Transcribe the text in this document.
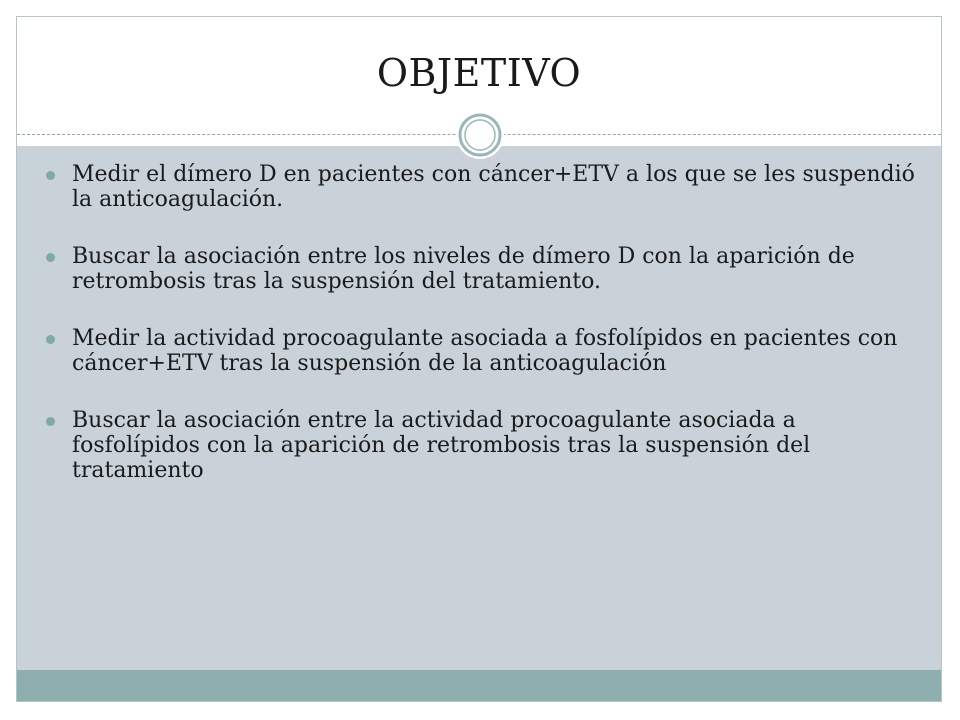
OBJETIVO
Medir el dímero D en pacientes con cáncer+ETV a los que se les suspendió la anticoagulación.
Buscar la asociación entre los niveles de dímero D con la aparición de retrombosis tras la suspensión del tratamiento.
Medir la actividad procoagulante asociada a fosfolípidos en pacientes con cáncer+ETV tras la suspensión de la anticoagulación
Buscar la asociación entre la actividad procoagulante asociada a fosfolípidos con la aparición de retrombosis tras la suspensión del tratamiento
